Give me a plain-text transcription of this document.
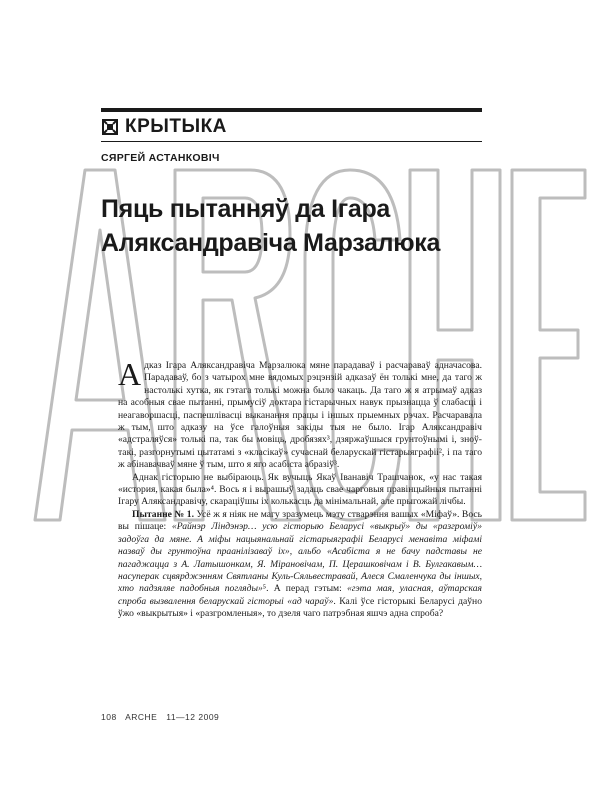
КРЫТЫКА
СЯРГЕЙ АСТАНКОВІЧ
Пяць пытанняў да Ігара
Аляксандравіча Марзалюка

Адказ Ігара Аляксандравіча Марзалюка мяне парадаваў і расчараваў адначасова. Парадаваў, бо з чатырох мне вядомых рэцэнзій адказаў ён толькі мне, да таго ж настолькі хутка, як гэтага толькі можна было чакаць. Да таго ж я атрымаў адказ на асобныя свае пытанні, прымусіў доктара гістарычных навук прызнацца ў слабасці і неагаворшасці, паспешлівасці выканання працы і іншых прыемных рэчах. Расчаравала ж тым, што адказу на ўсе галоўныя закіды тыя не было. Ігар Аляксандравіч «адстраляўся» толькі па, так бы мовіць, дробязях³, дзяржаўшыся грунтоўнымі і, зноў-такі, разгорнутымі цытатамі з «класікаў» сучаснай беларускай гістарыяграфіі², і па таго ж абінавачваў мяне ў тым, што я яго асабіста абразіў³.

Аднак гісторыю не выбіраюць. Як вучыць Якаў Іванавіч Трашчанок, «у нас такая «история, какая была»⁴. Вось я і вырашыў задаць свае чарговыя правінцыйныя пытанні Ігару Аляксандравічу, скараціўшы іх колькасць да мінімальнай, але прыгожай лічбы.

Пытанне № 1. Усё ж я ніяк не магу зразумець мэту стварэння вашых «Міфаў». Вось вы пішаце: «Райнэр Ліндэнэр… усю гісторыю Беларусі «выкрыў» ды «разгроміў» задоўга да мяне. А міфы нацыянальнай гістарыяграфіі Беларусі менавіта міфамі назваў ды грунтоўна праанілізаваў іх», альбо «Асабіста я не бачу падставы не пагаджацца з А. Латышонкам, Я. Мірановічам, П. Церашковічам і В. Булгакавым… насуперак сцвярджэнням Святланы Куль-Сяльвестравай, Алеся Смаленчука ды іншых, хто падзяляе падобныя погляды»⁵. А перад гэтым: «гэта мая, уласная, аўтарская спроба вызвалення беларускай гісторыі «ад чараў». Калі ўсе гісторыкі Беларусі даўно ўжо «выкрытыя» і «разгромленыя», то дзеля чаго патрэбная яшчэ адна спроба?

108 ARCHE 11—12 2009
